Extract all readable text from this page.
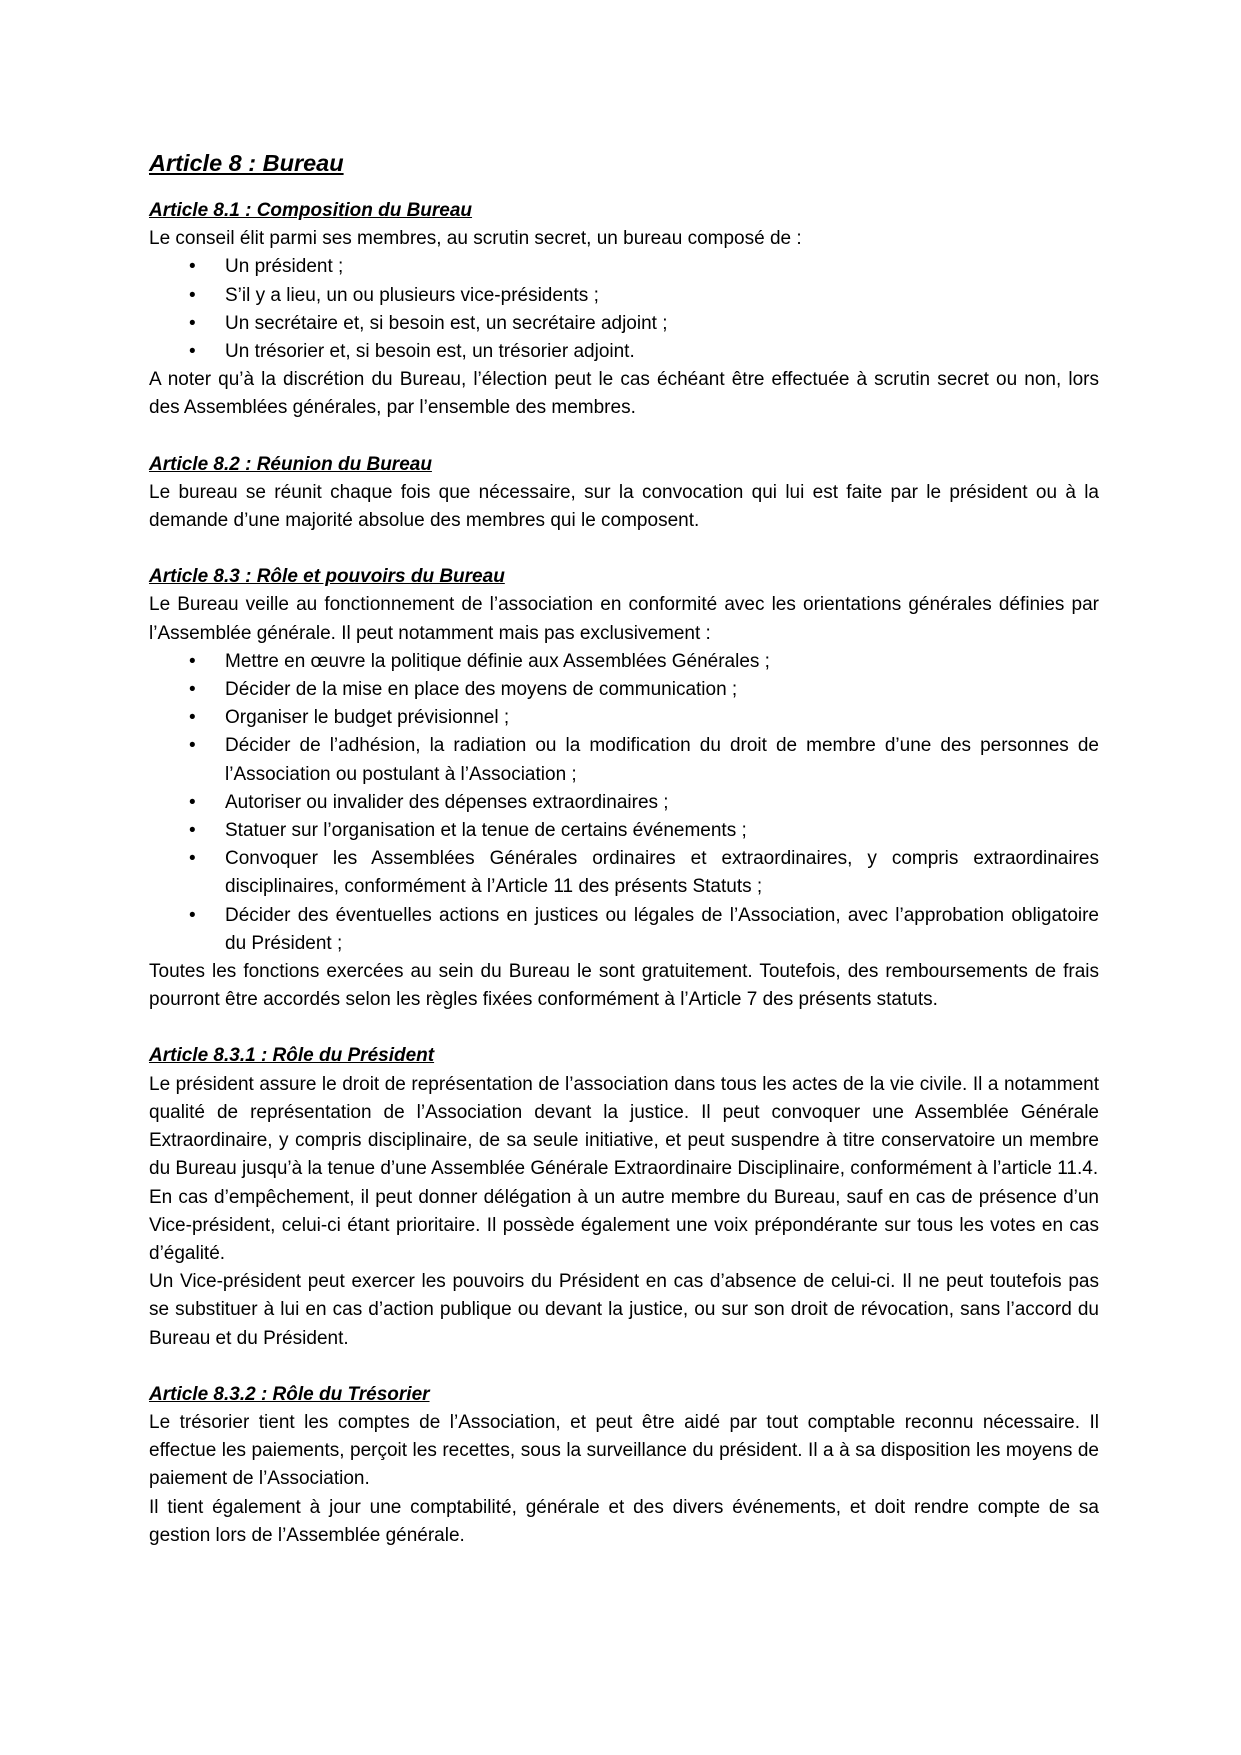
Article 8 : Bureau

Article 8.1 : Composition du Bureau

Le conseil élit parmi ses membres, au scrutin secret, un bureau composé de :

• Un président ;
• S’il y a lieu, un ou plusieurs vice-présidents ;
• Un secrétaire et, si besoin est, un secrétaire adjoint ;
• Un trésorier et, si besoin est, un trésorier adjoint.

A noter qu’à la discrétion du Bureau, l’élection peut le cas échéant être effectuée à scrutin secret ou non, lors des Assemblées générales, par l’ensemble des membres.

Article 8.2 : Réunion du Bureau

Le bureau se réunit chaque fois que nécessaire, sur la convocation qui lui est faite par le président ou à la demande d’une majorité absolue des membres qui le composent.

Article 8.3 : Rôle et pouvoirs du Bureau

Le Bureau veille au fonctionnement de l’association en conformité avec les orientations générales définies par l’Assemblée générale. Il peut notamment mais pas exclusivement :

• Mettre en œuvre la politique définie aux Assemblées Générales ;
• Décider de la mise en place des moyens de communication ;
• Organiser le budget prévisionnel ;
• Décider de l’adhésion, la radiation ou la modification du droit de membre d’une des personnes de l’Association ou postulant à l’Association ;
• Autoriser ou invalider des dépenses extraordinaires ;
• Statuer sur l’organisation et la tenue de certains événements ;
• Convoquer les Assemblées Générales ordinaires et extraordinaires, y compris extraordinaires disciplinaires, conformément à l’Article 11 des présents Statuts ;
• Décider des éventuelles actions en justices ou légales de l’Association, avec l’approbation obligatoire du Président ;

Toutes les fonctions exercées au sein du Bureau le sont gratuitement. Toutefois, des remboursements de frais pourront être accordés selon les règles fixées conformément à l’Article 7 des présents statuts.

Article 8.3.1 : Rôle du Président

Le président assure le droit de représentation de l’association dans tous les actes de la vie civile. Il a notamment qualité de représentation de l’Association devant la justice. Il peut convoquer une Assemblée Générale Extraordinaire, y compris disciplinaire, de sa seule initiative, et peut suspendre à titre conservatoire un membre du Bureau jusqu’à la tenue d’une Assemblée Générale Extraordinaire Disciplinaire, conformément à l’article 11.4.

En cas d’empêchement, il peut donner délégation à un autre membre du Bureau, sauf en cas de présence d’un Vice-président, celui-ci étant prioritaire. Il possède également une voix prépondérante sur tous les votes en cas d’égalité.

Un Vice-président peut exercer les pouvoirs du Président en cas d’absence de celui-ci. Il ne peut toutefois pas se substituer à lui en cas d’action publique ou devant la justice, ou sur son droit de révocation, sans l’accord du Bureau et du Président.

Article 8.3.2 : Rôle du Trésorier

Le trésorier tient les comptes de l’Association, et peut être aidé par tout comptable reconnu nécessaire. Il effectue les paiements, perçoit les recettes, sous la surveillance du président. Il a à sa disposition les moyens de paiement de l’Association.

Il tient également à jour une comptabilité, générale et des divers événements, et doit rendre compte de sa gestion lors de l’Assemblée générale.
